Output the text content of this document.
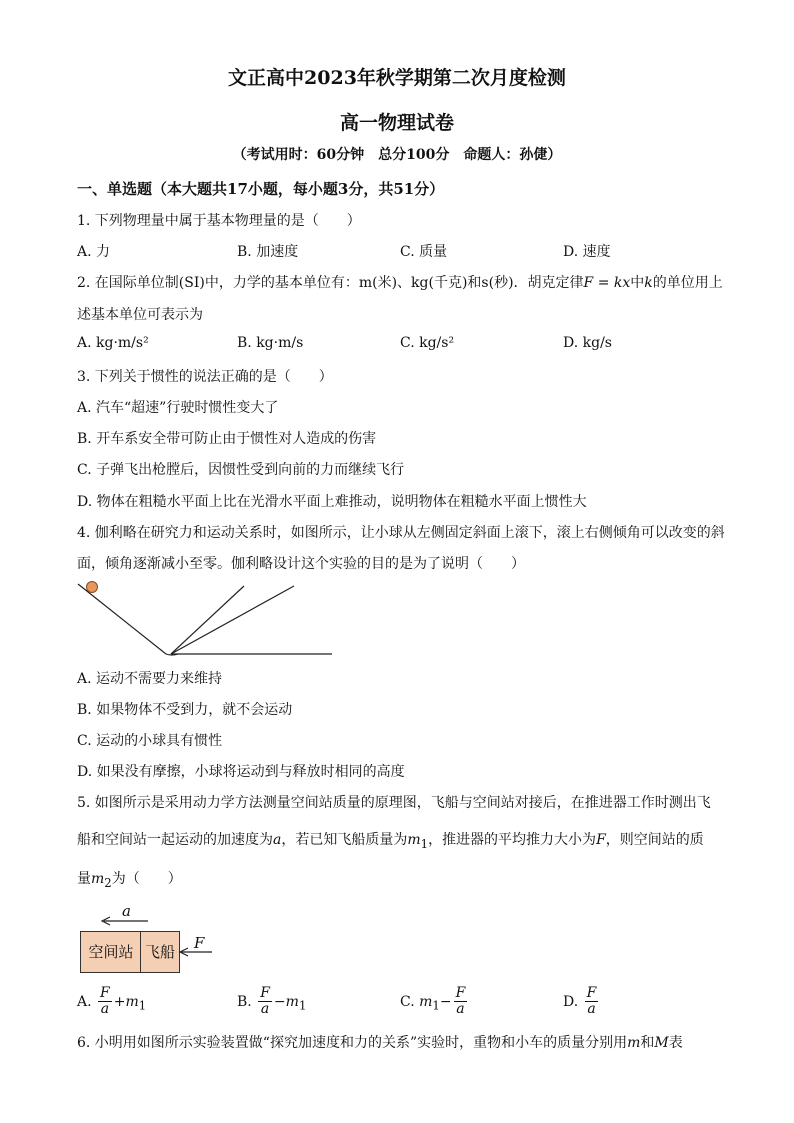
文正高中2023年秋学期第二次月度检测
高一物理试卷
（考试用时：60分钟　总分100分　命题人：孙倢）
一、单选题（本大题共17小题，每小题3分，共51分）
1. 下列物理量中属于基本物理量的是（　　）
A. 力	B. 加速度	C. 质量	D. 速度
2. 在国际单位制(SI)中，力学的基本单位有：m(米)、kg(千克)和s(秒)．胡克定律F = kx中k的单位用上
述基本单位可表示为
A. kg·m/s²	B. kg·m/s	C. kg/s²	D. kg/s
3. 下列关于惯性的说法正确的是（　　）
A. 汽车“超速”行驶时惯性变大了
B. 开车系安全带可防止由于惯性对人造成的伤害
C. 子弹飞出枪膛后，因惯性受到向前的力而继续飞行
D. 物体在粗糙水平面上比在光滑水平面上难推动，说明物体在粗糙水平面上惯性大
4. 伽利略在研究力和运动关系时，如图所示，让小球从左侧固定斜面上滚下，滚上右侧倾角可以改变的斜
面，倾角逐渐减小至零。伽利略设计这个实验的目的是为了说明（　　）
A. 运动不需要力来维持
B. 如果物体不受到力，就不会运动
C. 运动的小球具有惯性
D. 如果没有摩擦，小球将运动到与释放时相同的高度
5. 如图所示是采用动力学方法测量空间站质量的原理图，飞船与空间站对接后，在推进器工作时测出飞
船和空间站一起运动的加速度为a，若已知飞船质量为$m_1$，推进器的平均推力大小为F，则空间站的质
量$m_2$为（　　）
a
空间站 飞船	F
A. $\frac{F}{a} +m_1$	B. $\frac{F}{a} -m_1$	C. $m_1- \frac{F}{a}$	D. $\frac{F}{a}$
6. 小明用如图所示实验装置做“探究加速度和力的关系”实验时，重物和小车的质量分别用m和M表
